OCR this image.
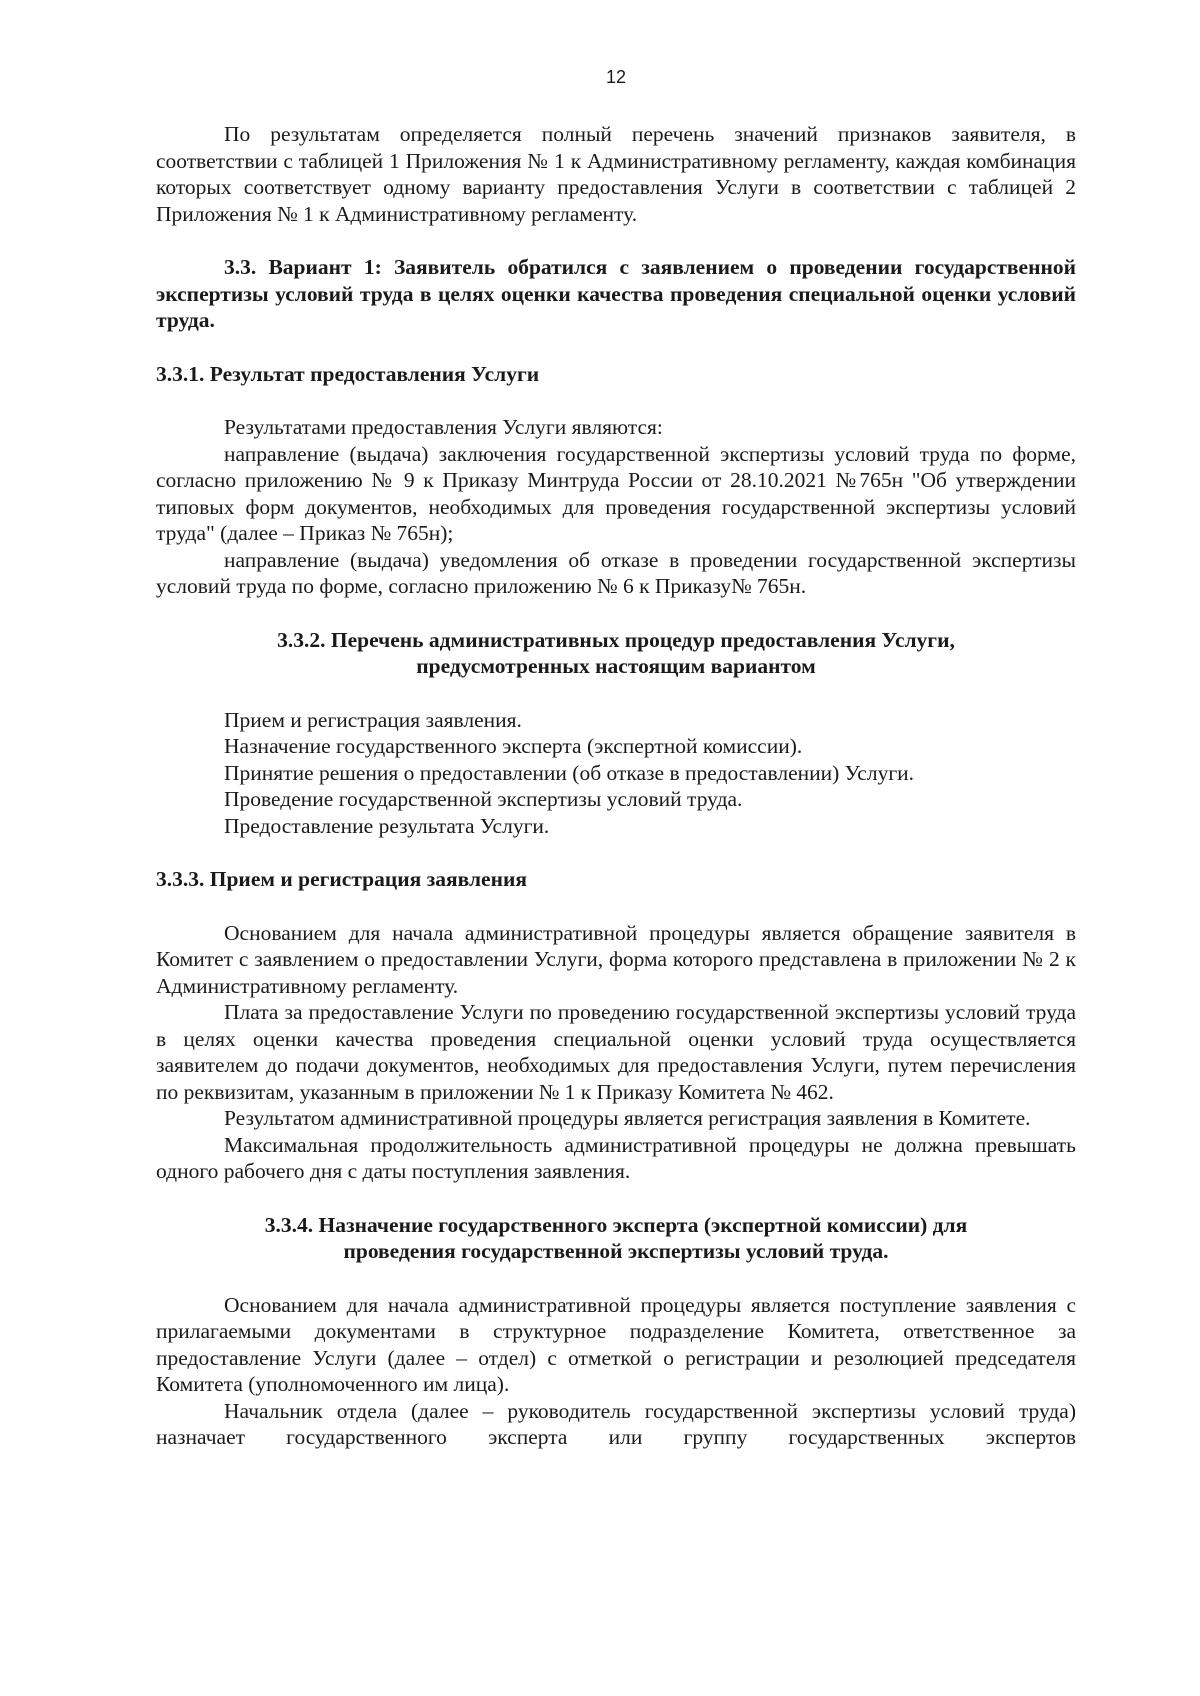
12

По результатам определяется полный перечень значений признаков заявителя, в соответствии с таблицей 1 Приложения № 1 к Административному регламенту, каждая комбинация которых соответствует одному варианту предоставления Услуги в соответствии с таблицей 2 Приложения № 1 к Административному регламенту.

3.3. Вариант 1: Заявитель обратился с заявлением о проведении государственной экспертизы условий труда в целях оценки качества проведения специальной оценки условий труда.

3.3.1. Результат предоставления Услуги

Результатами предоставления Услуги являются:

направление (выдача) заключения государственной экспертизы условий труда по форме, согласно приложению № 9 к Приказу Минтруда России от 28.10.2021 №765н "Об утверждении типовых форм документов, необходимых для проведения государственной экспертизы условий труда" (далее – Приказ № 765н);

направление (выдача) уведомления об отказе в проведении государственной экспертизы условий труда по форме, согласно приложению № 6 к Приказу№ 765н.

3.3.2. Перечень административных процедур предоставления Услуги,
предусмотренных настоящим вариантом
Прием и регистрация заявления.
Назначение государственного эксперта (экспертной комиссии).
Принятие решения о предоставлении (об отказе в предоставлении) Услуги.
Проведение государственной экспертизы условий труда.
Предоставление результата Услуги.

3.3.3. Прием и регистрация заявления

Основанием для начала административной процедуры является обращение заявителя в Комитет с заявлением о предоставлении Услуги, форма которого представлена в приложении № 2 к Административному регламенту.

Плата за предоставление Услуги по проведению государственной экспертизы условий труда в целях оценки качества проведения специальной оценки условий труда осуществляется заявителем до подачи документов, необходимых для предоставления Услуги, путем перечисления по реквизитам, указанным в приложении № 1 к Приказу Комитета № 462.

Результатом административной процедуры является регистрация заявления в Комитете.

Максимальная продолжительность административной процедуры не должна превышать одного рабочего дня с даты поступления заявления.

3.3.4. Назначение государственного эксперта (экспертной комиссии) для
проведения государственной экспертизы условий труда.

Основанием для начала административной процедуры является поступление заявления с прилагаемыми документами в структурное подразделение Комитета, ответственное за предоставление Услуги (далее – отдел) с отметкой о регистрации и резолюцией председателя Комитета (уполномоченного им лица).

Начальник отдела (далее – руководитель государственной экспертизы условий труда) назначает государственного эксперта или группу государственных экспертов
